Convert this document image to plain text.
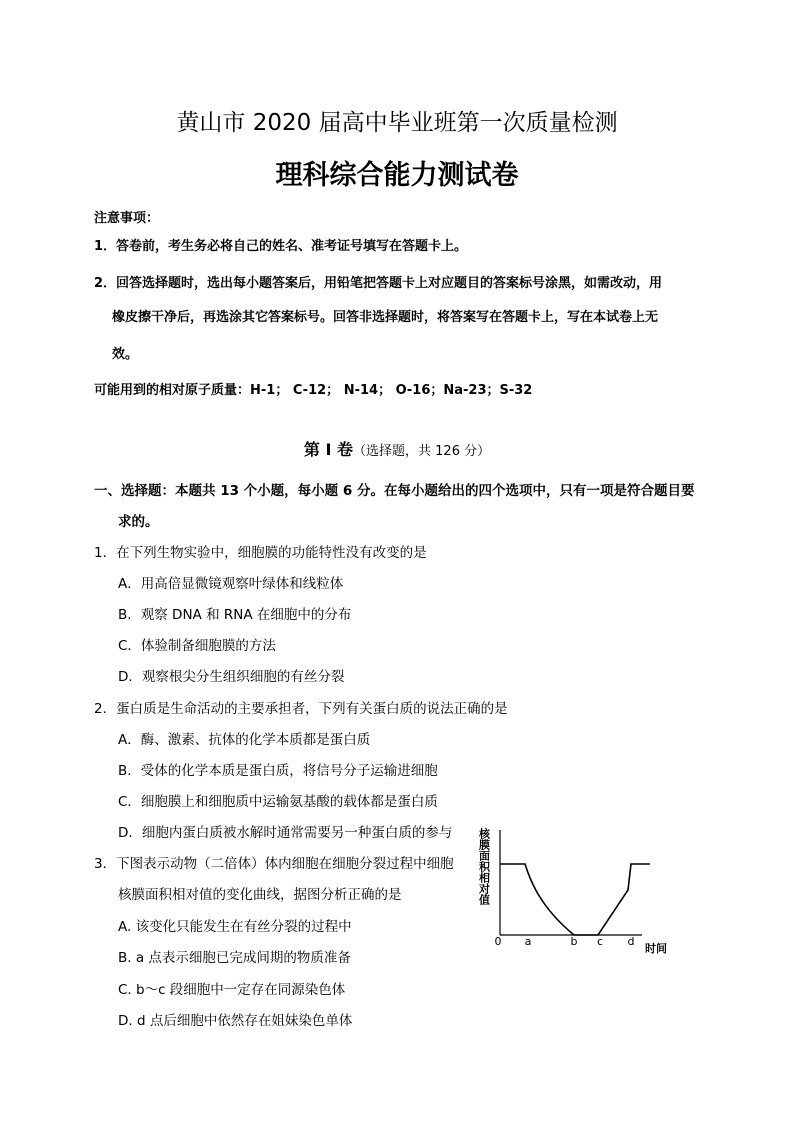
黄山市 2020 届高中毕业班第一次质量检测
理科综合能力测试卷
注意事项：
1．答卷前，考生务必将自己的姓名、准考证号填写在答题卡上。
2．回答选择题时，选出每小题答案后，用铅笔把答题卡上对应题目的答案标号涂黑，如需改动，用
橡皮擦干净后，再选涂其它答案标号。回答非选择题时，将答案写在答题卡上，写在本试卷上无
效。
可能用到的相对原子质量：H-1； C-12； N-14； O-16；Na-23；S-32
第 I 卷（选择题，共 126 分）
一、选择题：本题共 13 个小题，每小题 6 分。在每小题给出的四个选项中，只有一项是符合题目要
求的。
1．在下列生物实验中，细胞膜的功能特性没有改变的是
A．用高倍显微镜观察叶绿体和线粒体
B．观察 DNA 和 RNA 在细胞中的分布
C．体验制备细胞膜的方法
D．观察根尖分生组织细胞的有丝分裂
2．蛋白质是生命活动的主要承担者，下列有关蛋白质的说法正确的是
A．酶、激素、抗体的化学本质都是蛋白质
B．受体的化学本质是蛋白质，将信号分子运输进细胞
C．细胞膜上和细胞质中运输氨基酸的载体都是蛋白质
D．细胞内蛋白质被水解时通常需要另一种蛋白质的参与
3．下图表示动物（二倍体）体内细胞在细胞分裂过程中细胞
核膜面积相对值的变化曲线，据图分析正确的是
A. 该变化只能发生在有丝分裂的过程中
B. a 点表示细胞已完成间期的物质准备
C. b～c 段细胞中一定存在同源染色体
D. d 点后细胞中依然存在姐妹染色单体
核膜面积相对值
0 a	b c d
时间
